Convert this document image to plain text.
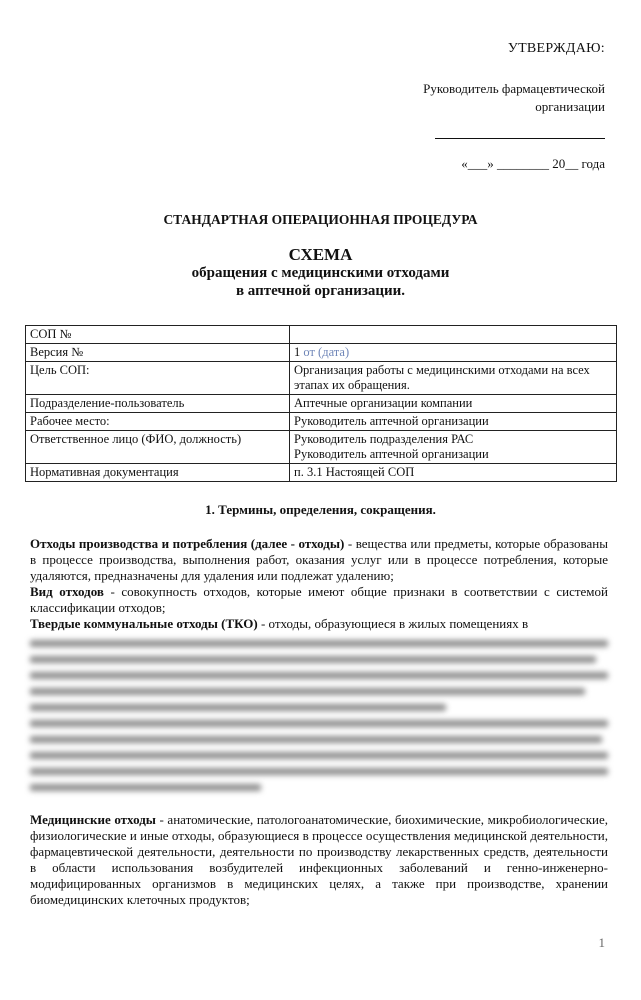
УТВЕРЖДАЮ:
Руководитель фармацевтической
организации
«___» ________ 20__ года
СТАНДАРТНАЯ ОПЕРАЦИОННАЯ ПРОЦЕДУРА
СХЕМА
обращения с медицинскими отходами
в аптечной организации.
СОП №	
Версия №	1 от (дата)
Цель СОП:	Организация работы с медицинскими отходами на всех этапах их обращения.
Подразделение-пользователь	Аптечные организации компании
Рабочее место:	Руководитель аптечной организации
Ответственное лицо (ФИО, должность)	Руководитель подразделения РАС
Руководитель аптечной организации

Нормативная документация	п. 3.1 Настоящей СОП
1. Термины, определения, сокращения.

Отходы производства и потребления (далее - отходы) - вещества или предметы, которые образованы в процессе производства, выполнения работ, оказания услуг или в процессе потребления, которые удаляются, предназначены для удаления или подлежат удалению;

Вид отходов - совокупность отходов, которые имеют общие признаки в соответствии с системой классификации отходов;

Твердые коммунальные отходы (ТКО) - отходы, образующиеся в жилых помещениях в

Медицинские отходы - анатомические, патологоанатомические, биохимические, микробиологические, физиологические и иные отходы, образующиеся в процессе осуществления медицинской деятельности, фармацевтической деятельности, деятельности по производству лекарственных средств, деятельности в области использования возбудителей инфекционных заболеваний и генно-инженерно-модифицированных организмов в медицинских целях, а также при производстве, хранении биомедицинских клеточных продуктов;

1
